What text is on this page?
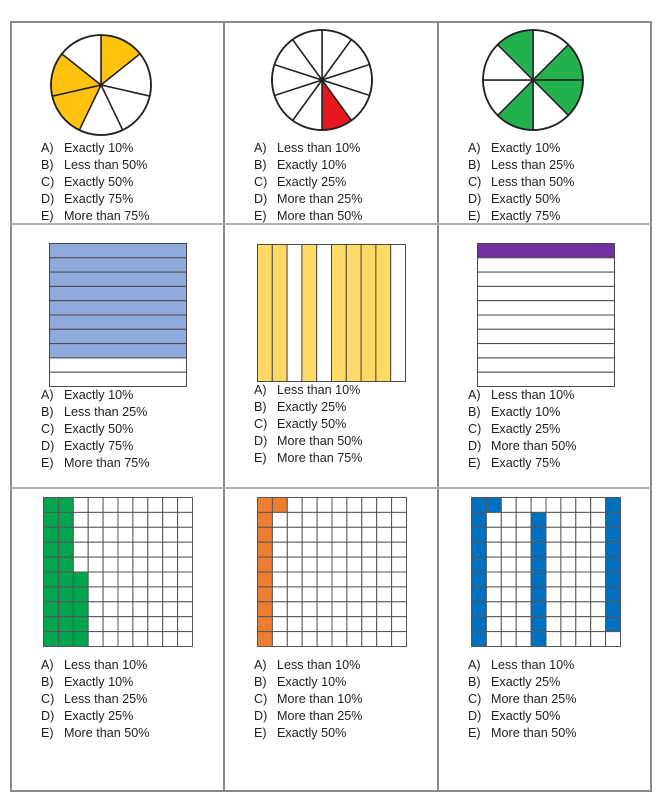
A) Exactly 10%
B) Less than 50%
C) Exactly 50%
D) Exactly 75%
E) More than 75%
A) Less than 10%
B) Exactly 10%
C) Exactly 25%
D) More than 25%
E) More than 50%
A) Exactly 10%
B) Less than 25%
C) Less than 50%
D) Exactly 50%
E) Exactly 75%
A) Exactly 10%
B) Less than 25%
C) Exactly 50%
D) Exactly 75%
E) More than 75%
A) Less than 10%
B) Exactly 25%
C) Exactly 50%
D) More than 50%
E) More than 75%
A) Less than 10%
B) Exactly 10%
C) Exactly 25%
D) More than 50%
E) Exactly 75%
A) Less than 10%
B) Exactly 10%
C) Less than 25%
D) Exactly 25%
E) More than 50%
A) Less than 10%
B) Exactly 10%
C) More than 10%
D) More than 25%
E) Exactly 50%
A) Less than 10%
B) Exactly 25%
C) More than 25%
D) Exactly 50%
E) More than 50%
